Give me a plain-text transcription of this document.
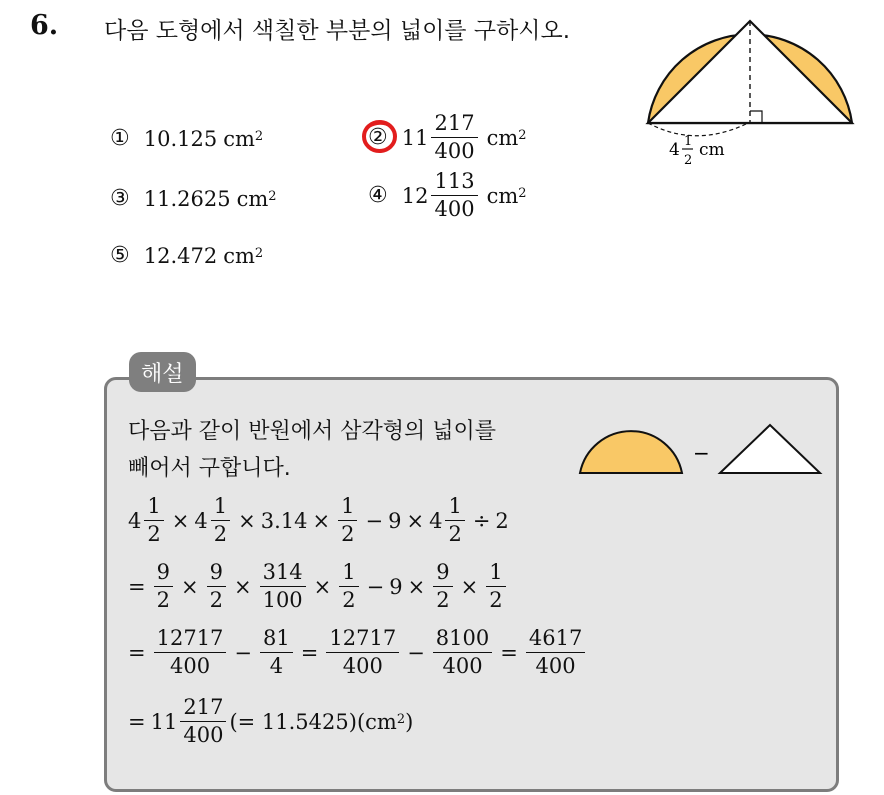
6. 다음 도형에서 색칠한 부분의 넓이를 구하시오.
4 1
2
cm
① 10.125 cm 2	② $11 \frac{217}{400}$ cm 2
③ 11.2625 cm 2	④ $12 \frac{113}{400}$ cm 2
⑤ 12.472 cm 2
해설
다음과 같이 반원에서 삼각형의 넓이를
빼어서 구합니다.
−
$4 \frac{1}{2} \times 4 \frac{1}{2} \times 3.14 \times \frac{1}{2} - 9 \times 4 \frac{1}{2} \div 2$
= $\frac{9}{2} \times \frac{9}{2} \times \frac{314}{100} \times \frac{1}{2} - 9 \times \frac{9}{2} \times \frac{1}{2}$
= $\frac{12717}{400} - \frac{81}{4} = \frac{12717}{400} - \frac{8100}{400} = \frac{4617}{400}$
= $11 \frac{217}{400}$ (= 11.5425) ( cm 2 )
